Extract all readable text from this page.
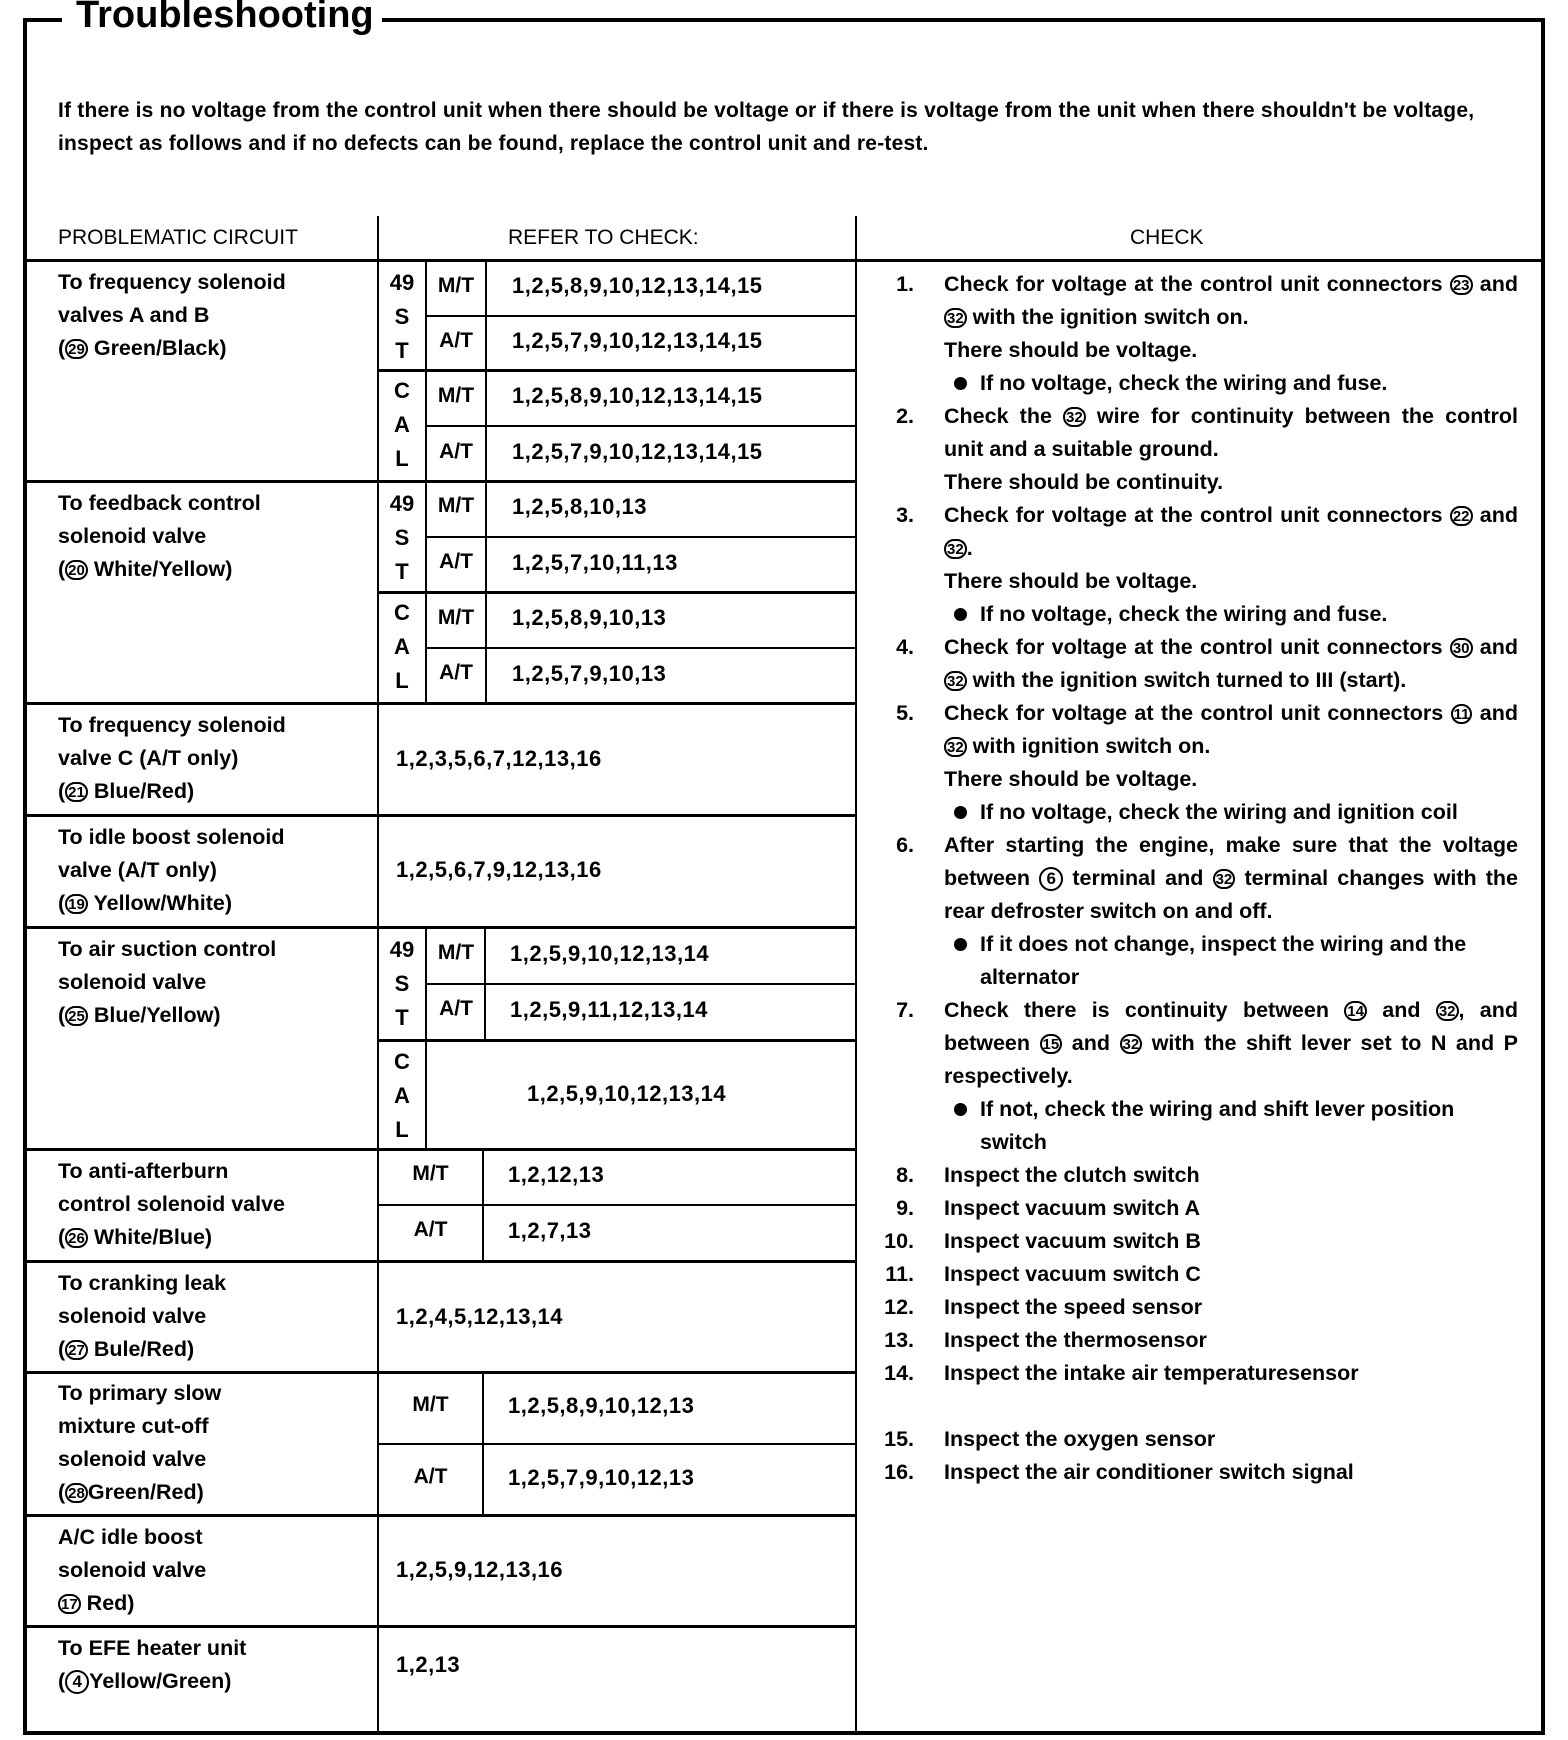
Troubleshooting
If there is no voltage from the control unit when there should be voltage or if there is voltage from the unit when there shouldn't be voltage, inspect as follows and if no defects can be found, replace the control unit and re-test.
PROBLEMATIC CIRCUIT	REFER TO CHECK:	CHECK
To frequency solenoid
valves A and B
( 29 Green/Black)
49
S
T
C
A
L
M/T
A/T
M/T
A/T
1,2,5,8,9,10,12,13,14,15
1,2,5,7,9,10,12,13,14,15
1,2,5,8,9,10,12,13,14,15
1,2,5,7,9,10,12,13,14,15
To feedback control
solenoid valve
( 20 White/Yellow)
49
S
T
C
A
L
M/T
A/T
M/T
A/T
1,2,5,8,10,13
1,2,5,7,10,11,13
1,2,5,8,9,10,13
1,2,5,7,9,10,13
To frequency solenoid
valve C (A/T only)
( 21 Blue/Red)
1,2,3,5,6,7,12,13,16
To idle boost solenoid
valve (A/T only)
( 19 Yellow/White)
1,2,5,6,7,9,12,13,16
To air suction control
solenoid valve
( 25 Blue/Yellow)
49
S
T
C
A
L
M/T
A/T
1,2,5,9,10,12,13,14
1,2,5,9,11,12,13,14
1,2,5,9,10,12,13,14
To anti-afterburn
control solenoid valve
( 26 White/Blue)
M/T
A/T
1,2,12,13
1,2,7,13
To cranking leak
solenoid valve
( 27 Bule/Red)
1,2,4,5,12,13,14
To primary slow
mixture cut-off
solenoid valve
( 28 Green/Red)
M/T
A/T
1,2,5,8,9,10,12,13
1,2,5,7,9,10,12,13
A/C idle boost
solenoid valve
17 Red)
1,2,5,9,12,13,16
To EFE heater unit
( 4 Yellow/Green)
1,2,13
1. Check for voltage at the control unit connectors 23 and 32 with the ignition switch on.
There should be voltage.
If no voltage, check the wiring and fuse.
2. Check the 32 wire for continuity between the control unit and a suitable ground.
There should be continuity.
3. Check for voltage at the control unit connectors 22 and 32 .
There should be voltage.
If no voltage, check the wiring and fuse.
4. Check for voltage at the control unit connectors 30 and 32 with the ignition switch turned to III (start).
5. Check for voltage at the control unit connectors 11 and 32 with ignition switch on.
There should be voltage.
If no voltage, check the wiring and ignition coil
6. After starting the engine, make sure that the voltage between 6 terminal and 32 terminal changes with the rear defroster switch on and off.
If it does not change, inspect the wiring and the alternator
7. Check there is continuity between 14 and 32 , and between 15 and 32 with the shift lever set to N and P respectively.
If not, check the wiring and shift lever position switch
8. Inspect the clutch switch
9. Inspect vacuum switch A
10. Inspect vacuum switch B
11. Inspect vacuum switch C
12. Inspect the speed sensor
13. Inspect the thermosensor
14. Inspect the intake air temperaturesensor
15. Inspect the oxygen sensor
16. Inspect the air conditioner switch signal
